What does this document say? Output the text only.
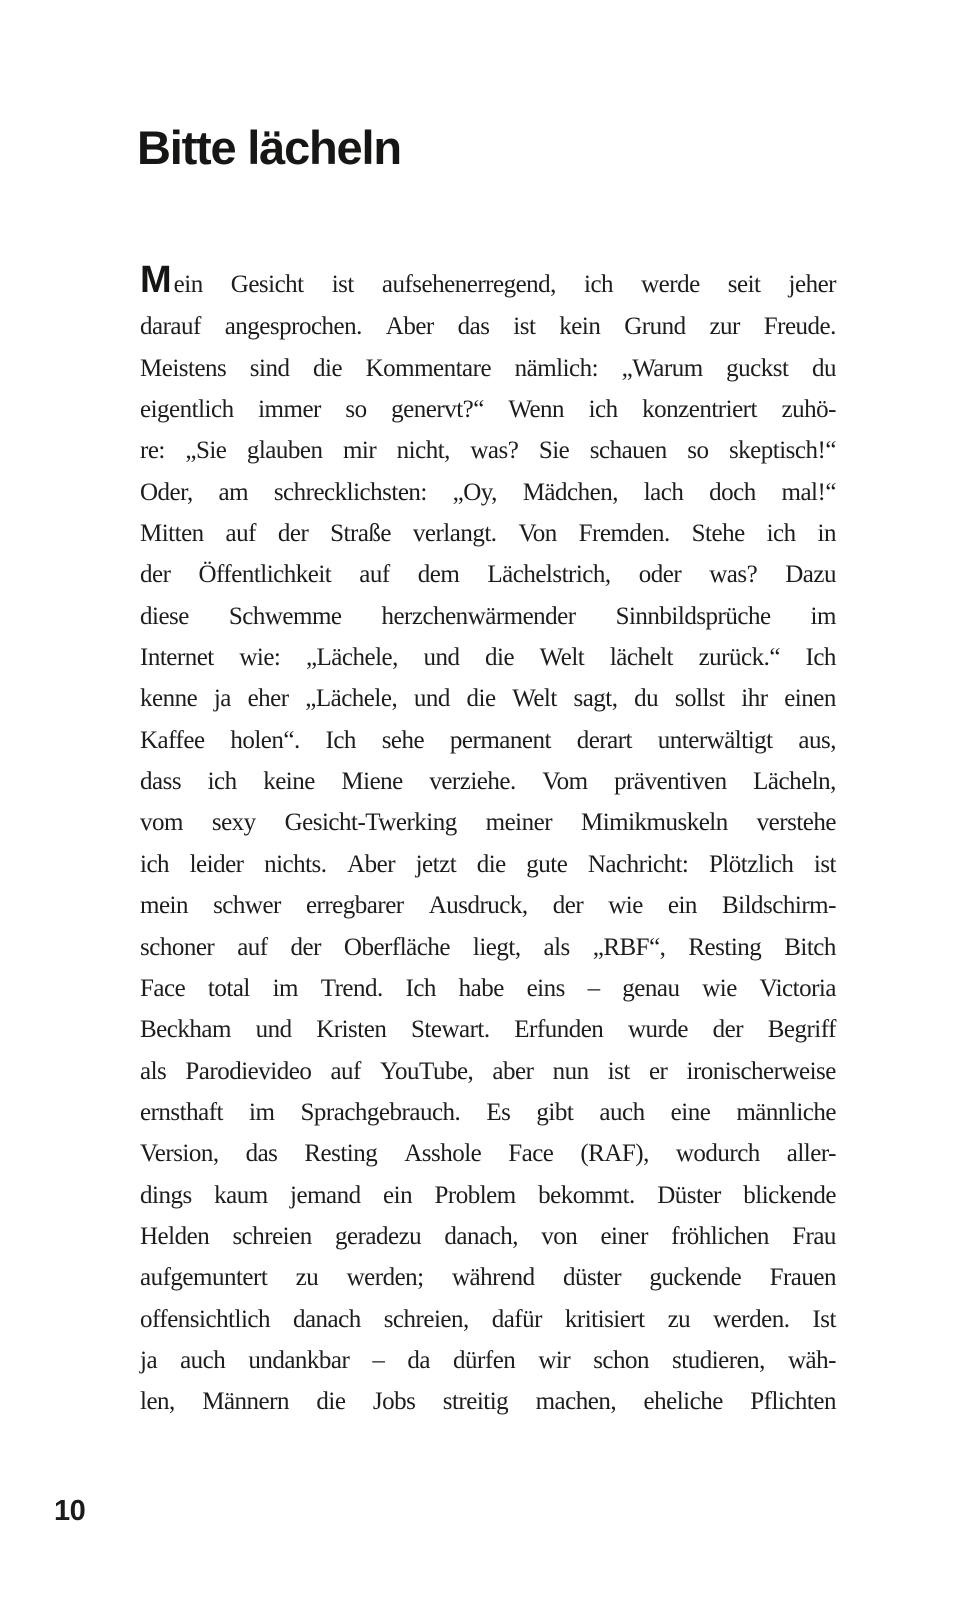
Bitte lächeln
Mein Gesicht ist aufsehenerregend, ich werde seit jeher
darauf angesprochen. Aber das ist kein Grund zur Freude.
Meistens sind die Kommentare nämlich: „Warum guckst du
eigentlich immer so genervt?“ Wenn ich konzentriert zuhö-
re: „Sie glauben mir nicht, was? Sie schauen so skeptisch!“
Oder, am schrecklichsten: „Oy, Mädchen, lach doch mal!“
Mitten auf der Straße verlangt. Von Fremden. Stehe ich in
der Öffentlichkeit auf dem Lächelstrich, oder was? Dazu
diese Schwemme herzchenwärmender Sinnbildsprüche im
Internet wie: „Lächele, und die Welt lächelt zurück.“ Ich
kenne ja eher „Lächele, und die Welt sagt, du sollst ihr einen
Kaffee holen“. Ich sehe permanent derart unterwältigt aus,
dass ich keine Miene verziehe. Vom präventiven Lächeln,
vom sexy Gesicht-Twerking meiner Mimikmuskeln verstehe
ich leider nichts. Aber jetzt die gute Nachricht: Plötzlich ist
mein schwer erregbarer Ausdruck, der wie ein Bildschirm-
schoner auf der Oberfläche liegt, als „RBF“, Resting Bitch
Face total im Trend. Ich habe eins – genau wie Victoria
Beckham und Kristen Stewart. Erfunden wurde der Begriff
als Parodievideo auf YouTube, aber nun ist er ironischerweise
ernsthaft im Sprachgebrauch. Es gibt auch eine männliche
Version, das Resting Asshole Face (RAF), wodurch aller-
dings kaum jemand ein Problem bekommt. Düster blickende
Helden schreien geradezu danach, von einer fröhlichen Frau
aufgemuntert zu werden; während düster guckende Frauen
offensichtlich danach schreien, dafür kritisiert zu werden. Ist
ja auch undankbar – da dürfen wir schon studieren, wäh-
len, Männern die Jobs streitig machen, eheliche Pflichten
10
